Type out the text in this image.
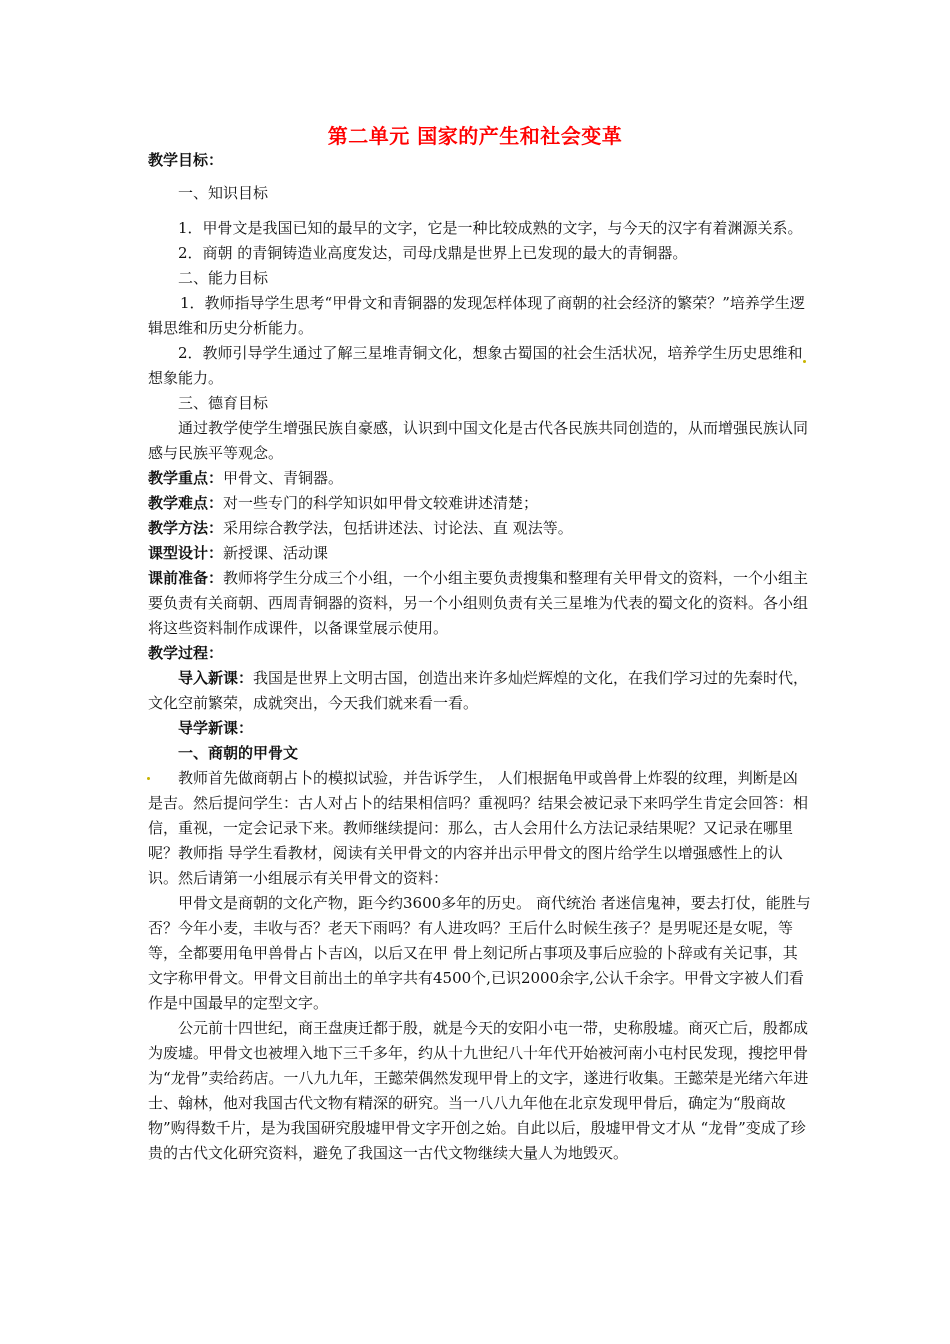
第二单元 国家的产生和社会变革

教学目标：

一、知识目标

1．甲骨文是我国已知的最早的文字，它是一种比较成熟的文字，与今天的汉字有着渊源关系。

2．商朝 的青铜铸造业高度发达，司母戊鼎是世界上已发现的最大的青铜器。

二、能力目标

1．教师指导学生思考“甲骨文和青铜器的发现怎样体现了商朝的社会经济的繁荣？”培养学生逻辑思维和历史分析能力。

2．教师引导学生通过了解三星堆青铜文化，想象古蜀国的社会生活状况，培养学生历史思维和想象能力。

三、德育目标

通过教学使学生增强民族自豪感，认识到中国文化是古代各民族共同创造的，从而增强民族认同感与民族平等观念。

教学重点：甲骨文、青铜器。

教学难点：对一些专门的科学知识如甲骨文较难讲述清楚；

教学方法：采用综合教学法，包括讲述法、讨论法、直 观法等。

课型设计：新授课、活动课

课前准备：教师将学生分成三个小组，一个小组主要负责搜集和整理有关甲骨文的资料，一个小组主要负责有关商朝、西周青铜器的资料，另一个小组则负责有关三星堆为代表的蜀文化的资料。各小组将这些资料制作成课件，以备课堂展示使用。

教学过程：

导入新课：我国是世界上文明古国，创造出来许多灿烂辉煌的文化，在我们学习过的先秦时代，文化空前繁荣，成就突出，今天我们就来看一看。

导学新课：

一、商朝的甲骨文

教师首先做商朝占卜的模拟试验，并告诉学生， 人们根据龟甲或兽骨上炸裂的纹理，判断是凶是吉。然后提问学生：古人对占卜的结果相信吗？重视吗？结果会被记录下来吗学生肯定会回答：相信，重视，一定会记录下来。教师继续提问：那么，古人会用什么方法记录结果呢？又记录在哪里呢？教师指 导学生看教材，阅读有关甲骨文的内容并出示甲骨文的图片给学生以增强感性上的认识。然后请第一小组展示有关甲骨文的资料：

甲骨文是商朝的文化产物，距今约3600多年的历史。 商代统治 者迷信鬼神，要去打仗，能胜与否？今年小麦，丰收与否？老天下雨吗？有人进攻吗？王后什么时候生孩子？是男呢还是女呢，等等，全都要用龟甲兽骨占卜吉凶，以后又在甲 骨上刻记所占事项及事后应验的卜辞或有关记事，其文字称甲骨文。甲骨文目前出土的单字共有4500个,已识2000余字,公认千余字。甲骨文字被人们看作是中国最早的定型文字。

公元前十四世纪，商王盘庚迁都于殷，就是今天的安阳小屯一带，史称殷墟。商灭亡后，殷都成为废墟。甲骨文也被埋入地下三千多年，约从十九世纪八十年代开始被河南小屯村民发现，搜挖甲骨为“龙骨”卖给药店。一八九九年，王懿荣偶然发现甲骨上的文字，遂进行收集。王懿荣是光绪六年进士、翰林，他对我国古代文物有精深的研究。当一八八九年他在北京发现甲骨后，确定为“殷商故物”购得数千片，是为我国研究殷墟甲骨文字开创之始。自此以后，殷墟甲骨文才从 “龙骨”变成了珍贵的古代文化研究资料，避免了我国这一古代文物继续大量人为地毁灭。
